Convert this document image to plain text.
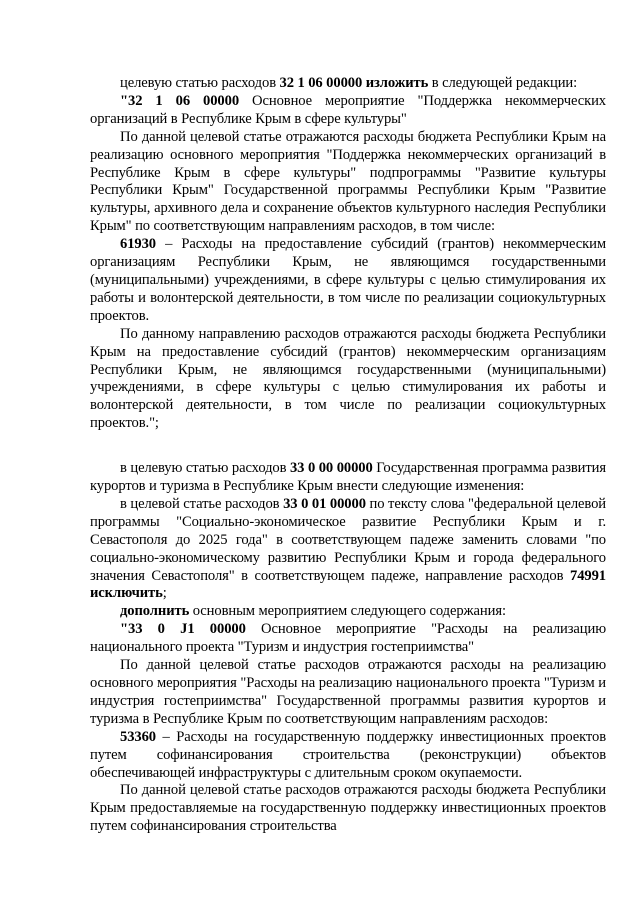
целевую статью расходов 32 1 06 00000 изложить в следующей редакции:

"32 1 06 00000 Основное мероприятие "Поддержка некоммерческих организаций в Республике Крым в сфере культуры"

По данной целевой статье отражаются расходы бюджета Республики Крым на реализацию основного мероприятия "Поддержка некоммерческих организаций в Республике Крым в сфере культуры" подпрограммы "Развитие культуры Республики Крым" Государственной программы Республики Крым "Развитие культуры, архивного дела и сохранение объектов культурного наследия Республики Крым" по соответствующим направлениям расходов, в том числе:

61930 – Расходы на предоставление субсидий (грантов) некоммерческим организациям Республики Крым, не являющимся государственными (муниципальными) учреждениями, в сфере культуры с целью стимулирования их работы и волонтерской деятельности, в том числе по реализации социокультурных проектов.

По данному направлению расходов отражаются расходы бюджета Республики Крым на предоставление субсидий (грантов) некоммерческим организациям Республики Крым, не являющимся государственными (муниципальными) учреждениями, в сфере культуры с целью стимулирования их работы и волонтерской деятельности, в том числе по реализации социокультурных проектов.";

в целевую статью расходов 33 0 00 00000 Государственная программа развития курортов и туризма в Республике Крым внести следующие изменения:

в целевой статье расходов 33 0 01 00000 по тексту слова "федеральной целевой программы "Социально-экономическое развитие Республики Крым и г. Севастополя до 2025 года" в соответствующем падеже заменить словами "по социально-экономическому развитию Республики Крым и города федерального значения Севастополя" в соответствующем падеже, направление расходов 74991 исключить;

дополнить основным мероприятием следующего содержания:

"33 0 J1 00000 Основное мероприятие "Расходы на реализацию национального проекта "Туризм и индустрия гостеприимства"

По данной целевой статье расходов отражаются расходы на реализацию основного мероприятия "Расходы на реализацию национального проекта "Туризм и индустрия гостеприимства" Государственной программы развития курортов и туризма в Республике Крым по соответствующим направлениям расходов:

53360 – Расходы на государственную поддержку инвестиционных проектов путем софинансирования строительства (реконструкции) объектов обеспечивающей инфраструктуры с длительным сроком окупаемости.

По данной целевой статье расходов отражаются расходы бюджета Республики Крым предоставляемые на государственную поддержку инвестиционных проектов путем софинансирования строительства
